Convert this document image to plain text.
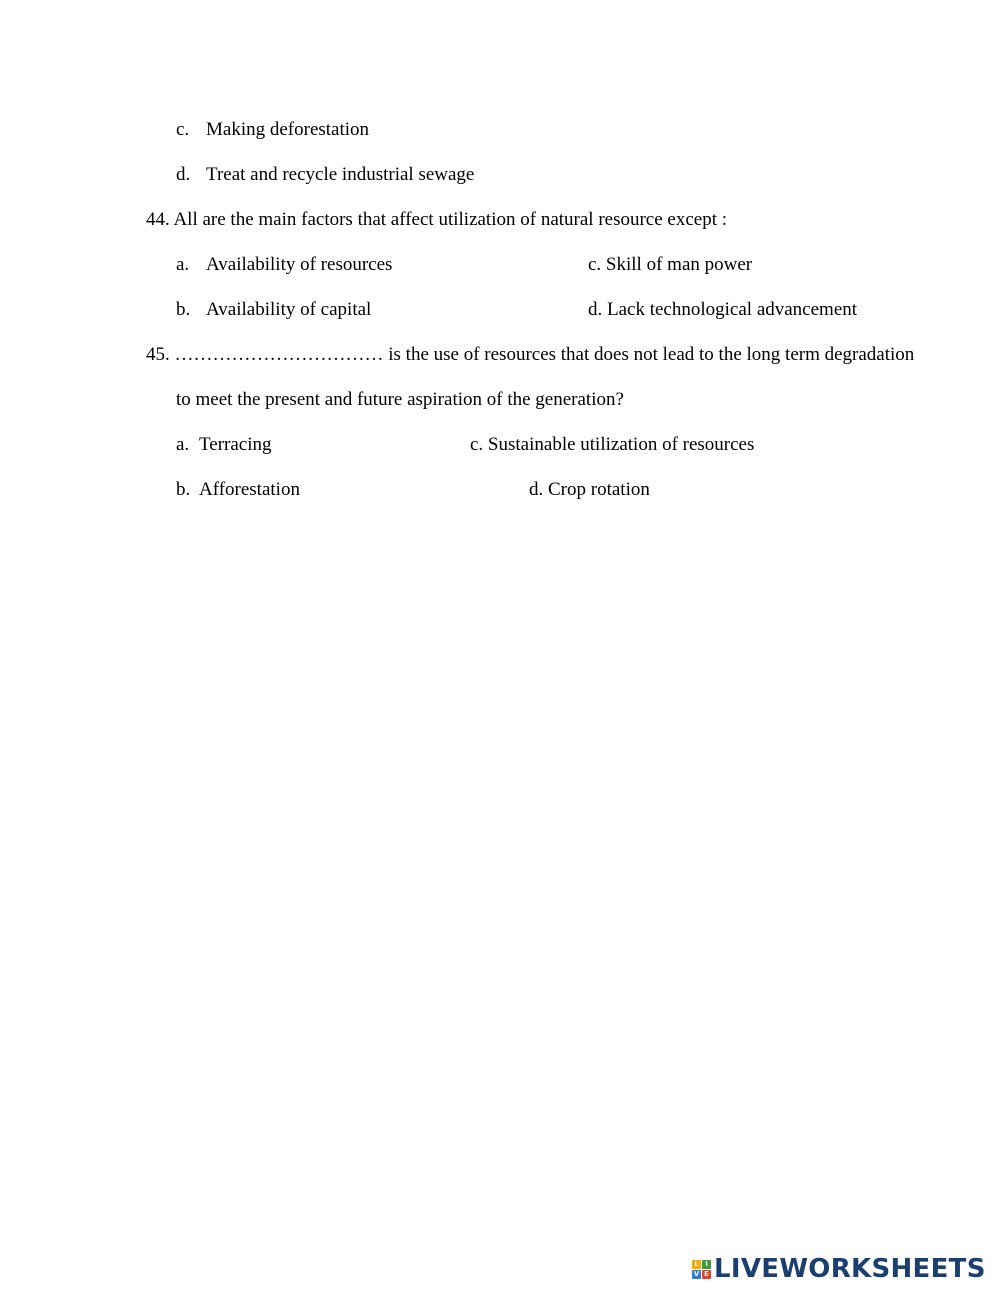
c. Making deforestation
d. Treat and recycle industrial sewage
44. All are the main factors that affect utilization of natural resource except :
a. Availability of resources	c. Skill of man power
b. Availability of capital	d. Lack technological advancement
45. …………………………… is the use of resources that does not lead to the long term degradation
to meet the present and future aspiration of the generation?
a. Terracing	c. Sustainable utilization of resources
b. Afforestation	d. Crop rotation
L I
V E LIVEWORKSHEETS
